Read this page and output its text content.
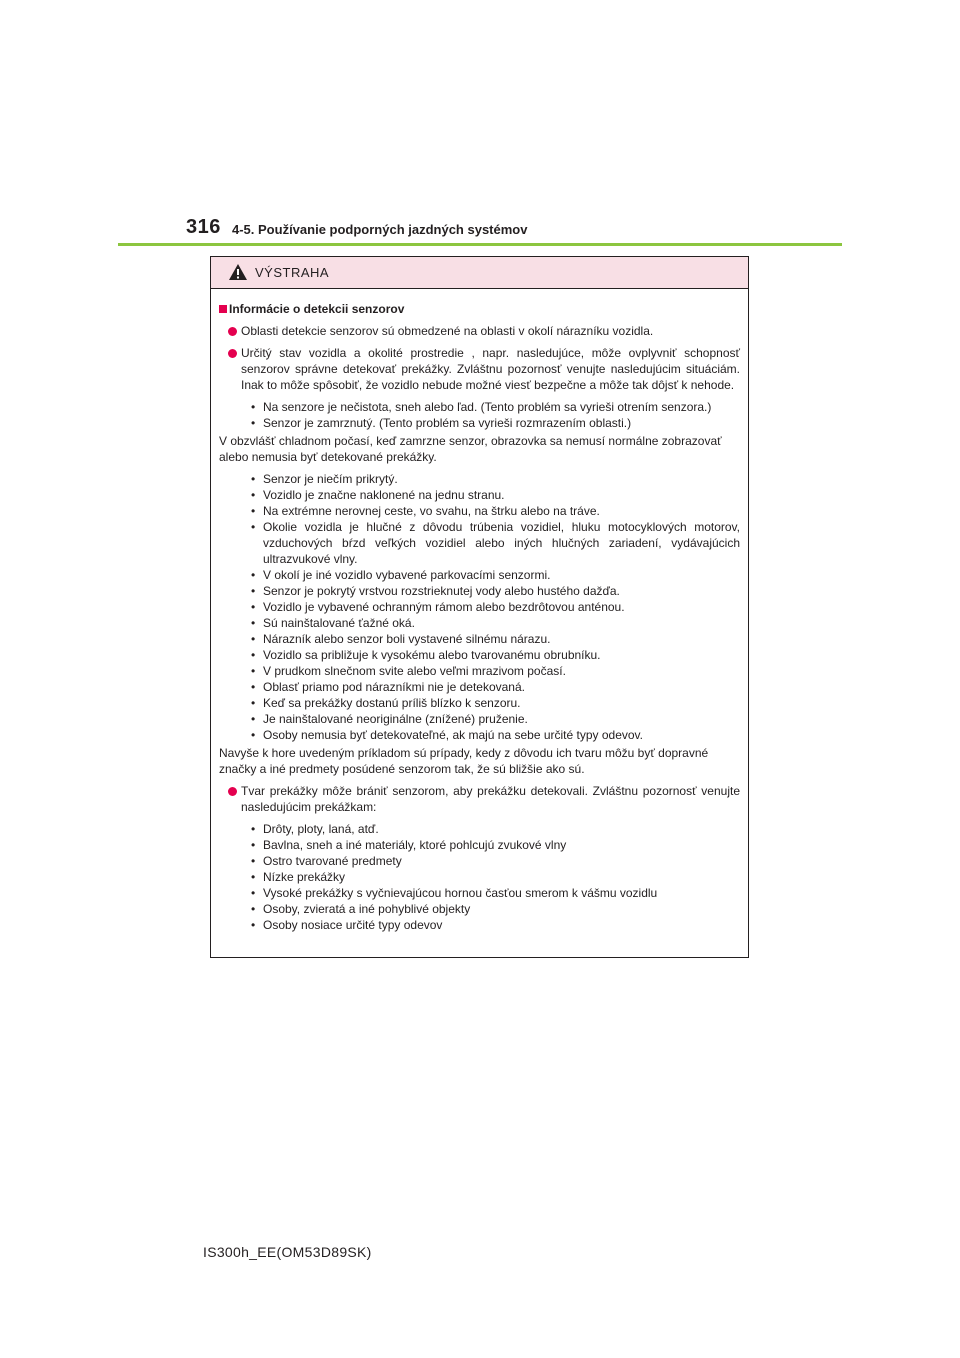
316 4-5. Používanie podporných jazdných systémov
VÝSTRAHA
Informácie o detekcii senzorov
Oblasti detekcie senzorov sú obmedzené na oblasti v okolí nárazníku vozidla.
Určitý stav vozidla a okolité prostredie , napr. nasledujúce, môže ovplyvniť schopnosť senzorov správne detekovať prekážky. Zvláštnu pozornosť venujte nasledujúcim situáciám. Inak to môže spôsobiť, že vozidlo nebude možné viesť bezpečne a môže tak dôjsť k nehode.
• Na senzore je nečistota, sneh alebo ľad. (Tento problém sa vyrieši otrením senzora.)
• Senzor je zamrznutý. (Tento problém sa vyrieši rozmrazením oblasti.)
V obzvlášť chladnom počasí, keď zamrzne senzor, obrazovka sa nemusí normálne zobrazovať alebo nemusia byť detekované prekážky.
• Senzor je niečím prikrytý.
• Vozidlo je značne naklonené na jednu stranu.
• Na extrémne nerovnej ceste, vo svahu, na štrku alebo na tráve.
• Okolie vozidla je hlučné z dôvodu trúbenia vozidiel, hluku motocyklových motorov, vzduchových bŕzd veľkých vozidiel alebo iných hlučných zariadení, vydávajúcich ultrazvukové vlny.
• V okolí je iné vozidlo vybavené parkovacími senzormi.
• Senzor je pokrytý vrstvou rozstrieknutej vody alebo hustého dažďa.
• Vozidlo je vybavené ochranným rámom alebo bezdrôtovou anténou.
• Sú nainštalované ťažné oká.
• Nárazník alebo senzor boli vystavené silnému nárazu.
• Vozidlo sa približuje k vysokému alebo tvarovanému obrubníku.
• V prudkom slnečnom svite alebo veľmi mrazivom počasí.
• Oblasť priamo pod nárazníkmi nie je detekovaná.
• Keď sa prekážky dostanú príliš blízko k senzoru.
• Je nainštalované neoriginálne (znížené) pruženie.
• Osoby nemusia byť detekovateľné, ak majú na sebe určité typy odevov.
Navyše k hore uvedeným príkladom sú prípady, kedy z dôvodu ich tvaru môžu byť dopravné značky a iné predmety posúdené senzorom tak, že sú bližšie ako sú.
Tvar prekážky môže brániť senzorom, aby prekážku detekovali. Zvláštnu pozornosť venujte nasledujúcim prekážkam:
• Drôty, ploty, laná, atď.
• Bavlna, sneh a iné materiály, ktoré pohlcujú zvukové vlny
• Ostro tvarované predmety
• Nízke prekážky
• Vysoké prekážky s vyčnievajúcou hornou časťou smerom k vášmu vozidlu
• Osoby, zvieratá a iné pohyblivé objekty
• Osoby nosiace určité typy odevov
IS300h_EE(OM53D89SK)
